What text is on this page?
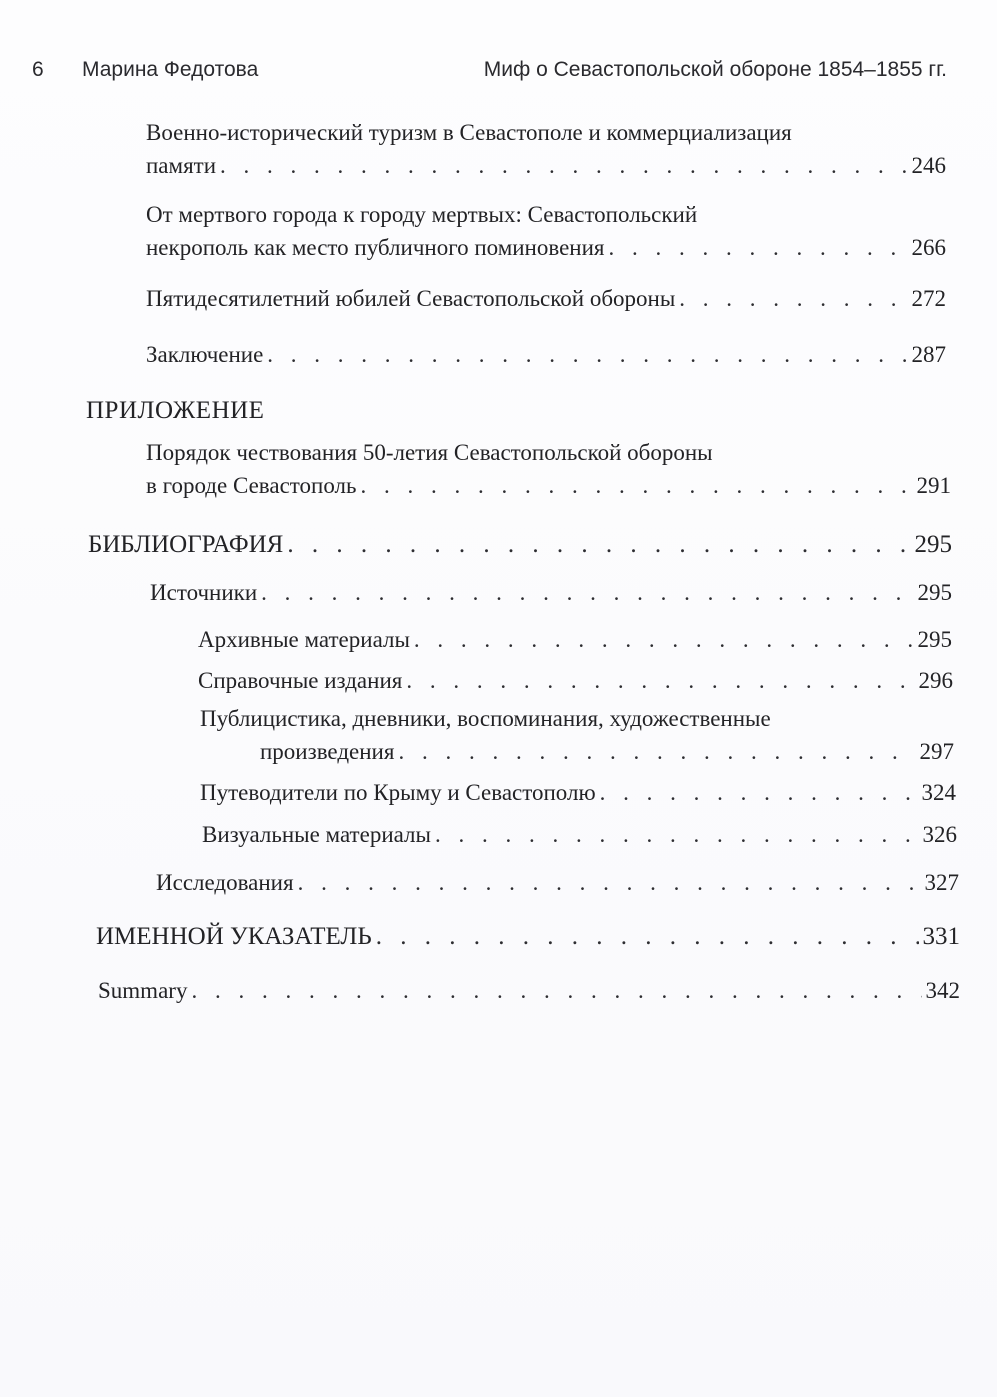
6 Марина Федотова	Миф о Севастопольской обороне 1854–1855 гг.
Военно-исторический туризм в Севастополе и коммерциализация
памяти . . .	246
От мертвого города к городу мертвых: Севастопольский
некрополь как место публичного поминовения . . .	266
Пятидесятилетний юбилей Севастопольской обороны . . .	272
Заключение . . .	287
ПРИЛОЖЕНИЕ
Порядок чествования 50-летия Севастопольской обороны
в городе Севастополь . . .	291
БИБЛИОГРАФИЯ . . .	295
Источники . . .	295
Архивные материалы . . .	295
Справочные издания . . .	296
Публицистика, дневники, воспоминания, художественные
произведения . . .	297
Путеводители по Крыму и Севастополю . . .	324
Визуальные материалы . . .	326
Исследования . . .	327
ИМЕННОЙ УКАЗАТЕЛЬ . . .	331
Summary . . .	342
